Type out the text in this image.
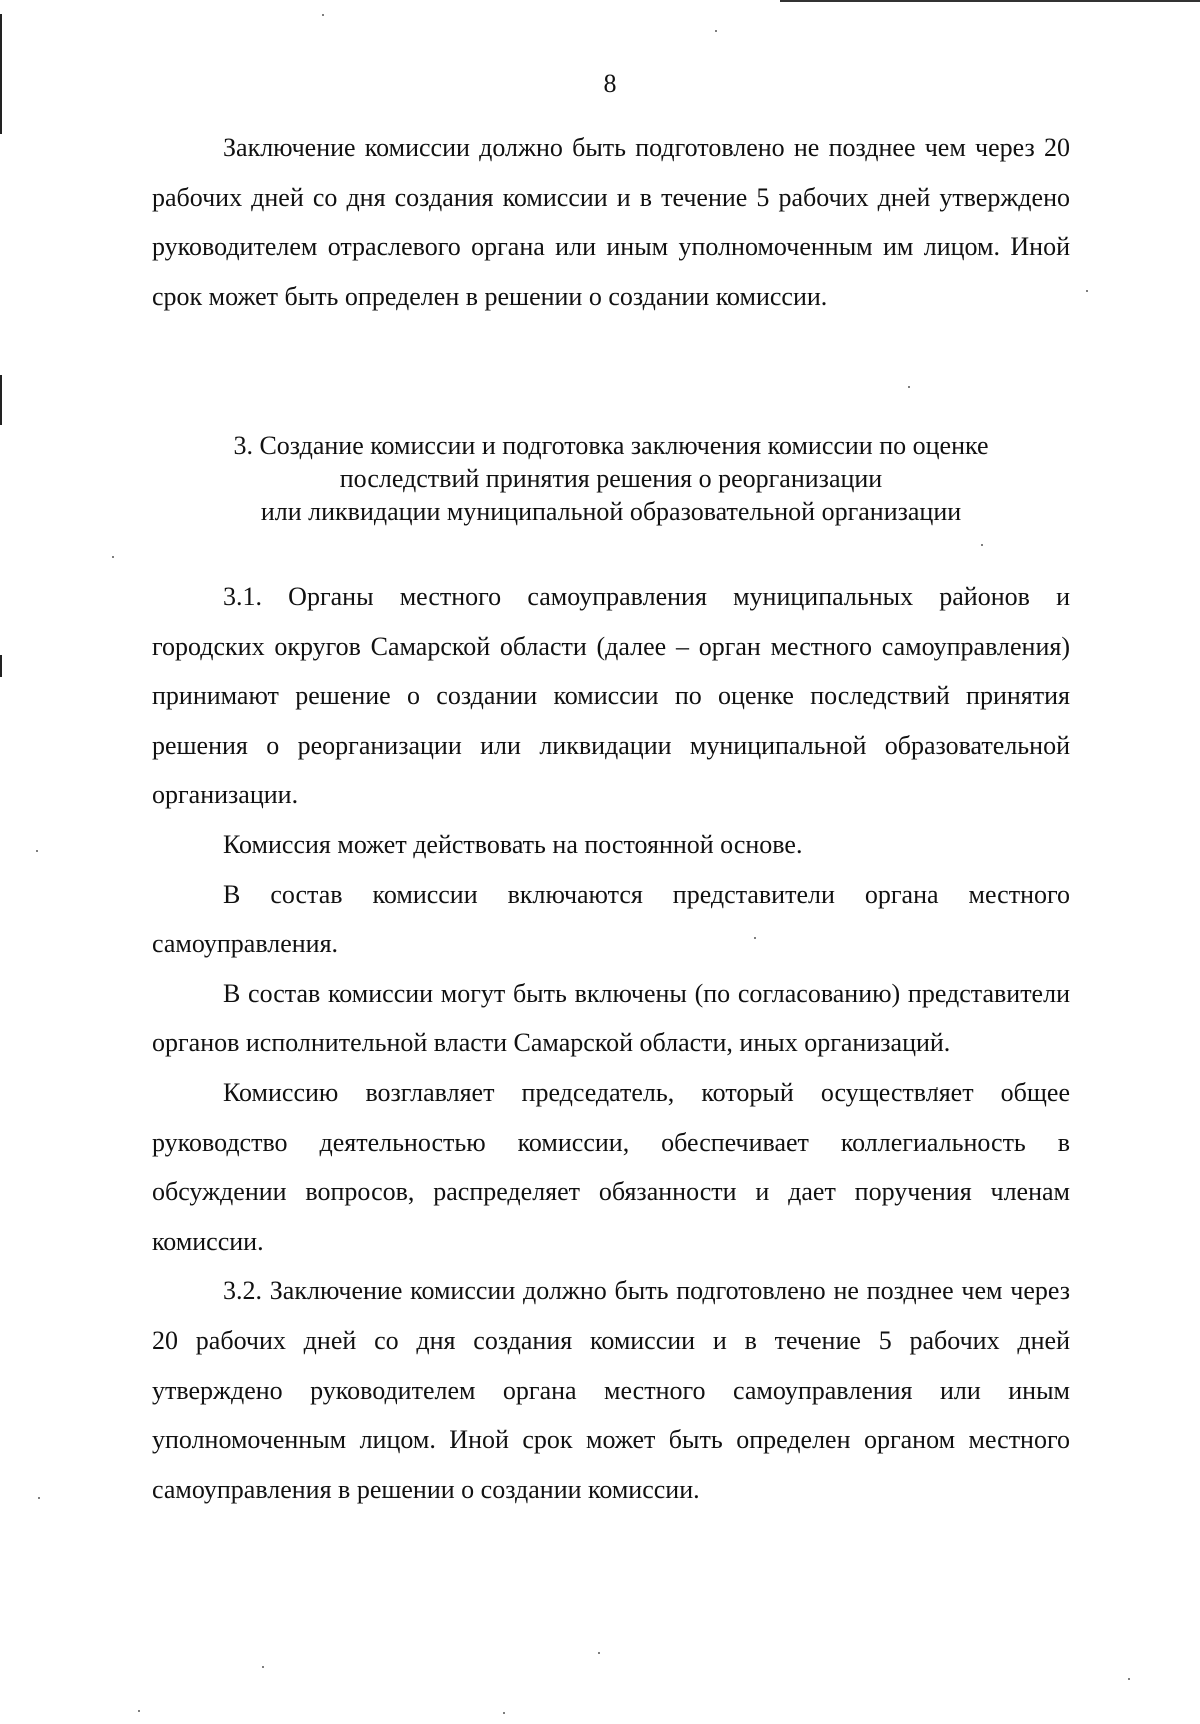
8

Заключение комиссии должно быть подготовлено не позднее чем через 20 рабочих дней со дня создания комиссии и в течение 5 рабочих дней утверждено руководителем отраслевого органа или иным уполномоченным им лицом. Иной срок может быть определен в решении о создании комиссии.

3. Создание комиссии и подготовка заключения комиссии по оценке
последствий принятия решения о реорганизации
или ликвидации муниципальной образовательной организации

3.1. Органы местного самоуправления муниципальных районов и городских округов Самарской области (далее – орган местного самоуправления) принимают решение о создании комиссии по оценке последствий принятия решения о реорганизации или ликвидации муниципальной образовательной организации.

Комиссия может действовать на постоянной основе.

В состав комиссии включаются представители органа местного самоуправления.

В состав комиссии могут быть включены (по согласованию) представители органов исполнительной власти Самарской области, иных организаций.

Комиссию возглавляет председатель, который осуществляет общее руководство деятельностью комиссии, обеспечивает коллегиальность в обсуждении вопросов, распределяет обязанности и дает поручения членам комиссии.

3.2. Заключение комиссии должно быть подготовлено не позднее чем через 20 рабочих дней со дня создания комиссии и в течение 5 рабочих дней утверждено руководителем органа местного самоуправления или иным уполномоченным лицом. Иной срок может быть определен органом местного самоуправления в решении о создании комиссии.
